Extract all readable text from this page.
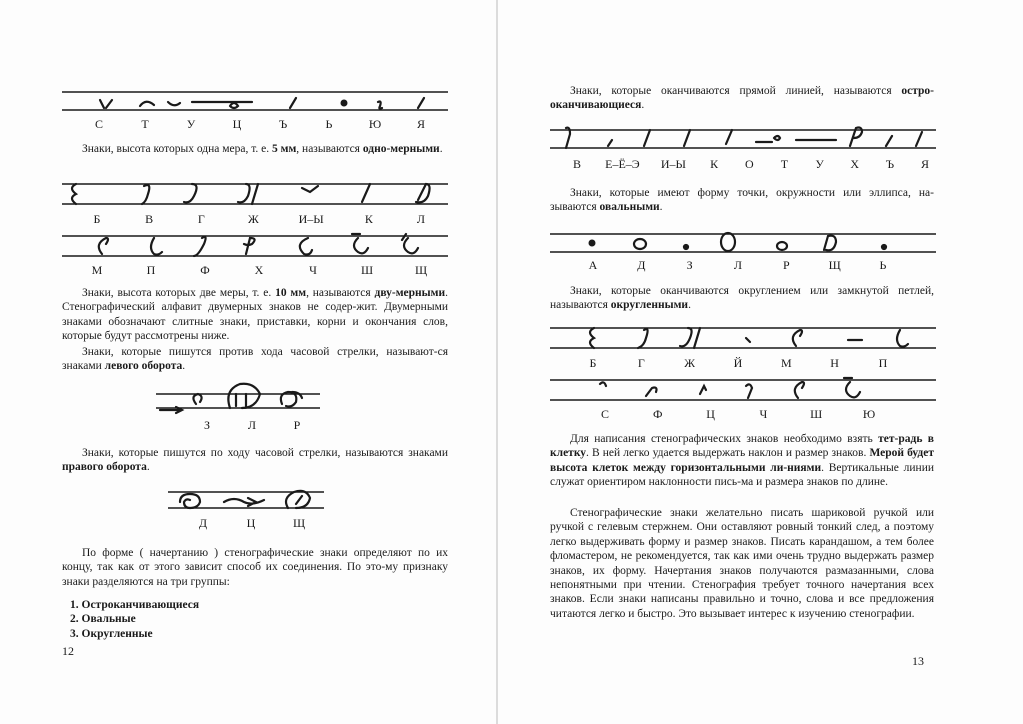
С	Т	У	Ц	Ъ	Ь	Ю	Я

Знаки, высота которых одна мера, т. е. 5 мм, называются одно-мерными.

Б	В	Г	Ж	И–Ы	К	Л
М	П	Ф	Х	Ч	Ш	Щ

Знаки, высота которых две меры, т. е. 10 мм, называются дву-мерными. Стенографический алфавит двумерных знаков не содер-жит. Двумерными знаками обозначают слитные знаки, приставки, корни и окончания слов, которые будут рассмотрены ниже.

Знаки, которые пишутся против хода часовой стрелки, называют-ся знаками левого оборота.

З	Л	Р

Знаки, которые пишутся по ходу часовой стрелки, называются знаками правого оборота.

Д	Ц	Щ

По форме ( начертанию ) стенографические знаки определяют по их концу, так как от этого зависит способ их соединения. По это-му признаку знаки разделяются на три группы:

1. Остроканчивающиеся
2. Овальные
3. Округленные
12

Знаки, которые оканчиваются прямой линией, называются остро-оканчивающиеся.

В Е–Ё–Э И–Ы К О Т У Х Ъ Я

Знаки, которые имеют форму точки, окружности или эллипса, на-зываются овальными.

А	Д	З	Л	Р	Щ	Ь

Знаки, которые оканчиваются округлением или замкнутой петлей, называются округленными.

Б	Г	Ж	Й	М	Н	П
С	Ф	Ц	Ч	Ш	Ю

Для написания стенографических знаков необходимо взять тет-радь в клетку. В ней легко удается выдержать наклон и размер знаков. Мерой будет высота клеток между горизонтальными ли-ниями. Вертикальные линии служат ориентиром наклонности пись-ма и размера знаков по длине.

Стенографические знаки желательно писать шариковой ручкой или ручкой с гелевым стержнем. Они оставляют ровный тонкий след, а поэтому легко выдерживать форму и размер знаков. Писать карандашом, а тем более фломастером, не рекомендуется, так как ими очень трудно выдержать размер знаков, их форму. Начертания знаков получаются размазанными, слова непонятными при чтении. Стенография требует точного начертания всех знаков. Если знаки написаны правильно и точно, слова и все предложения читаются легко и быстро. Это вызывает интерес к изучению стенографии.

13
